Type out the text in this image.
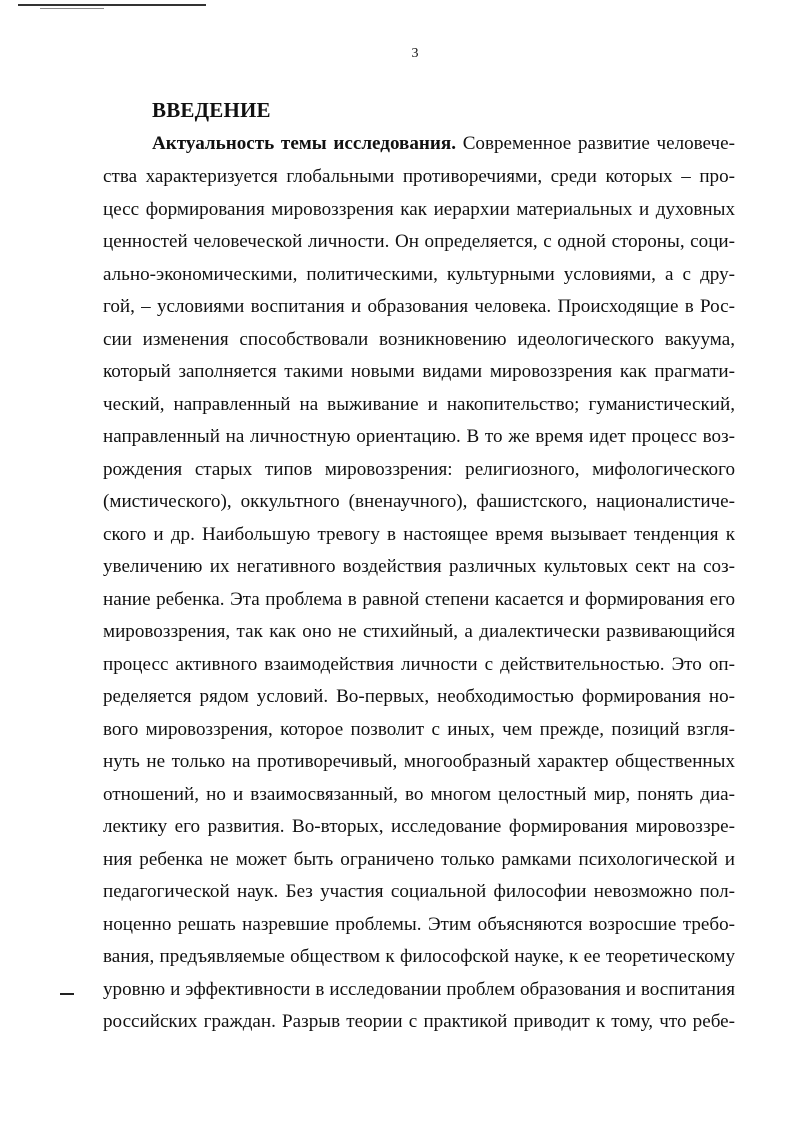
3
ВВЕДЕНИЕ
Актуальность темы исследования. Современное развитие человече-
ства характеризуется глобальными противоречиями, среди которых – про-
цесс формирования мировоззрения как иерархии материальных и духовных
ценностей человеческой личности. Он определяется, с одной стороны, соци-
ально-экономическими, политическими, культурными условиями, а с дру-
гой, – условиями воспитания и образования человека. Происходящие в Рос-
сии изменения способствовали возникновению идеологического вакуума,
который заполняется такими новыми видами мировоззрения как прагмати-
ческий, направленный на выживание и накопительство; гуманистический,
направленный на личностную ориентацию. В то же время идет процесс воз-
рождения старых типов мировоззрения: религиозного, мифологического
(мистического), оккультного (вненаучного), фашистского, националистиче-
ского и др. Наибольшую тревогу в настоящее время вызывает тенденция к
увеличению их негативного воздействия различных культовых сект на соз-
нание ребенка. Эта проблема в равной степени касается и формирования его
мировоззрения, так как оно не стихийный, а диалектически развивающийся
процесс активного взаимодействия личности с действительностью. Это оп-
ределяется рядом условий. Во-первых, необходимостью формирования но-
вого мировоззрения, которое позволит с иных, чем прежде, позиций взгля-
нуть не только на противоречивый, многообразный характер общественных
отношений, но и взаимосвязанный, во многом целостный мир, понять диа-
лектику его развития. Во-вторых, исследование формирования мировоззре-
ния ребенка не может быть ограничено только рамками психологической и
педагогической наук. Без участия социальной философии невозможно пол-
ноценно решать назревшие проблемы. Этим объясняются возросшие требо-
вания, предъявляемые обществом к философской науке, к ее теоретическому
уровню и эффективности в исследовании проблем образования и воспитания
российских граждан. Разрыв теории с практикой приводит к тому, что ребе-
